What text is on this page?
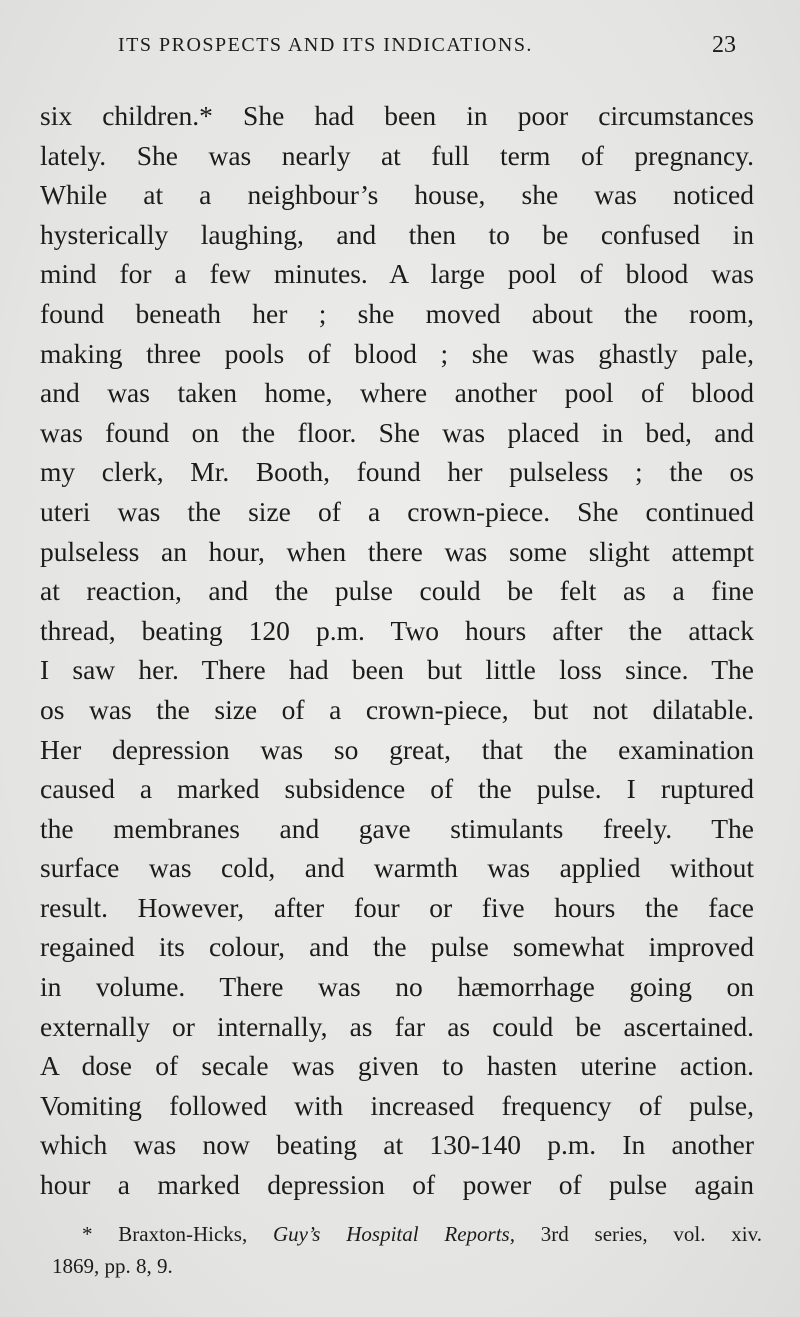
ITS PROSPECTS AND ITS INDICATIONS.	23
six children.* She had been in poor circumstances
lately. She was nearly at full term of pregnancy.
While at a neighbour’s house, she was noticed
hysterically laughing, and then to be confused in
mind for a few minutes. A large pool of blood was
found beneath her ; she moved about the room,
making three pools of blood ; she was ghastly pale,
and was taken home, where another pool of blood
was found on the floor. She was placed in bed, and
my clerk, Mr. Booth, found her pulseless ; the os
uteri was the size of a crown-piece. She continued
pulseless an hour, when there was some slight attempt
at reaction, and the pulse could be felt as a fine
thread, beating 120 p.m. Two hours after the attack
I saw her. There had been but little loss since. The
os was the size of a crown-piece, but not dilatable.
Her depression was so great, that the examination
caused a marked subsidence of the pulse. I ruptured
the membranes and gave stimulants freely. The
surface was cold, and warmth was applied without
result. However, after four or five hours the face
regained its colour, and the pulse somewhat improved
in volume. There was no hæmorrhage going on
externally or internally, as far as could be ascertained.
A dose of secale was given to hasten uterine action.
Vomiting followed with increased frequency of pulse,
which was now beating at 130-140 p.m. In another
hour a marked depression of power of pulse again
* Braxton-Hicks, Guy’s Hospital Reports, 3rd series, vol. xiv.
1869, pp. 8, 9.
